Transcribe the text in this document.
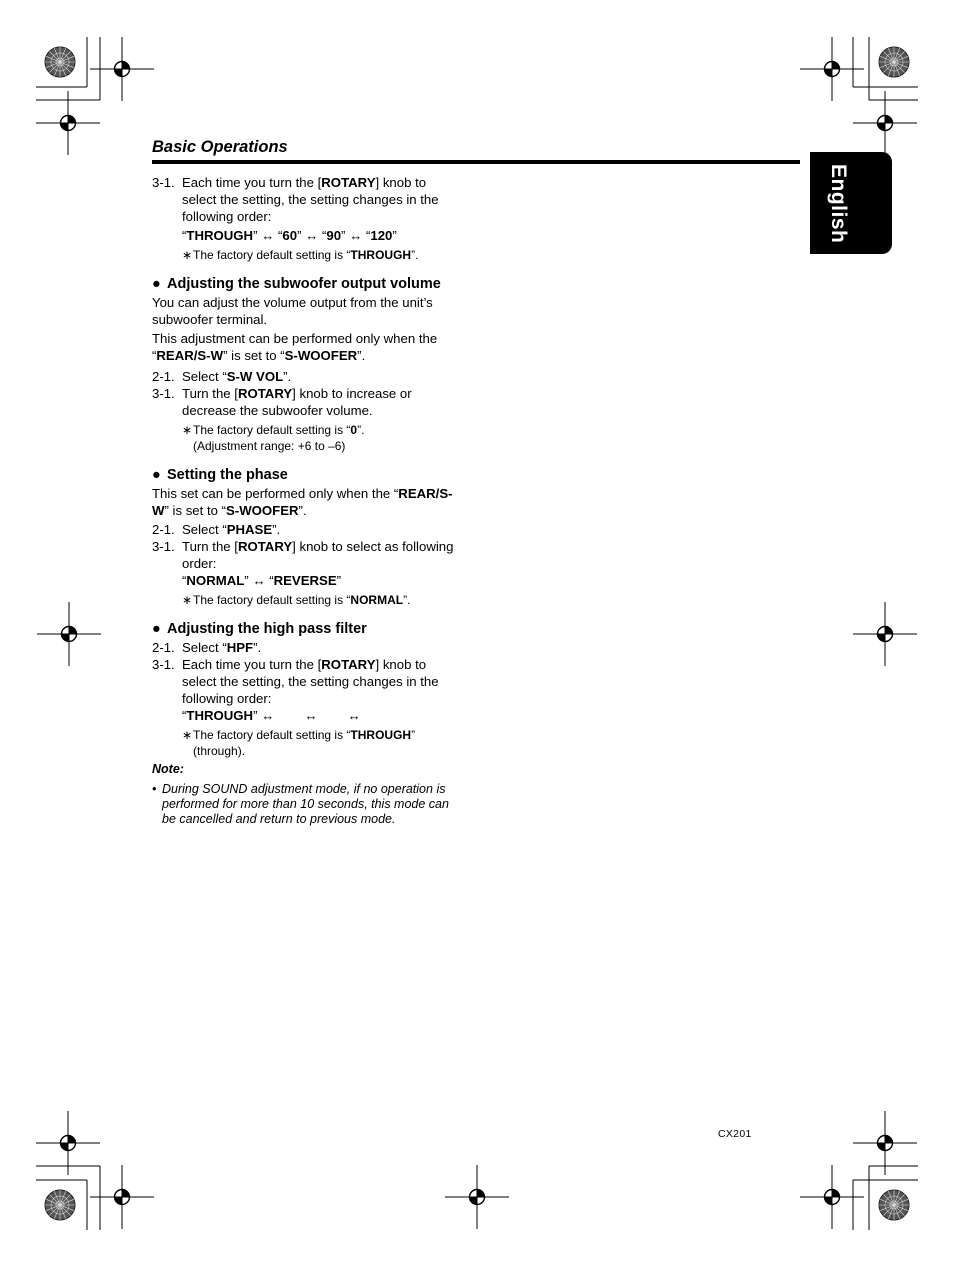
Basic Operations
English
3-1. Each time you turn the [ROTARY] knob to select the setting, the setting changes in the following order:
“THROUGH” ↔ “60” ↔ “90” ↔ “120”
∗ The factory default setting is “THROUGH”.
● Adjusting the subwoofer output volume

You can adjust the volume output from the unit’s subwoofer terminal.

This adjustment can be performed only when the “REAR/S-W” is set to “S-WOOFER”.

2-1. Select “S-W VOL”.
3-1. Turn the [ROTARY] knob to increase or decrease the subwoofer volume.
∗ The factory default setting is “0”.
(Adjustment range: +6 to –6)
● Setting the phase

This set can be performed only when the “REAR/S-W” is set to “S-WOOFER”.

2-1. Select “PHASE”.
3-1. Turn the [ROTARY] knob to select as following order:
“NORMAL” ↔ “REVERSE”
∗ The factory default setting is “NORMAL”.
● Adjusting the high pass filter
2-1. Select “HPF”.
3-1. Each time you turn the [ROTARY] knob to select the setting, the setting changes in the following order:
“THROUGH” ↔ ↔ ↔
∗ The factory default setting is “THROUGH”
(through).
Note:
• During SOUND adjustment mode, if no operation is performed for more than 10 seconds, this mode can be cancelled and return to previous mode.
CX201
